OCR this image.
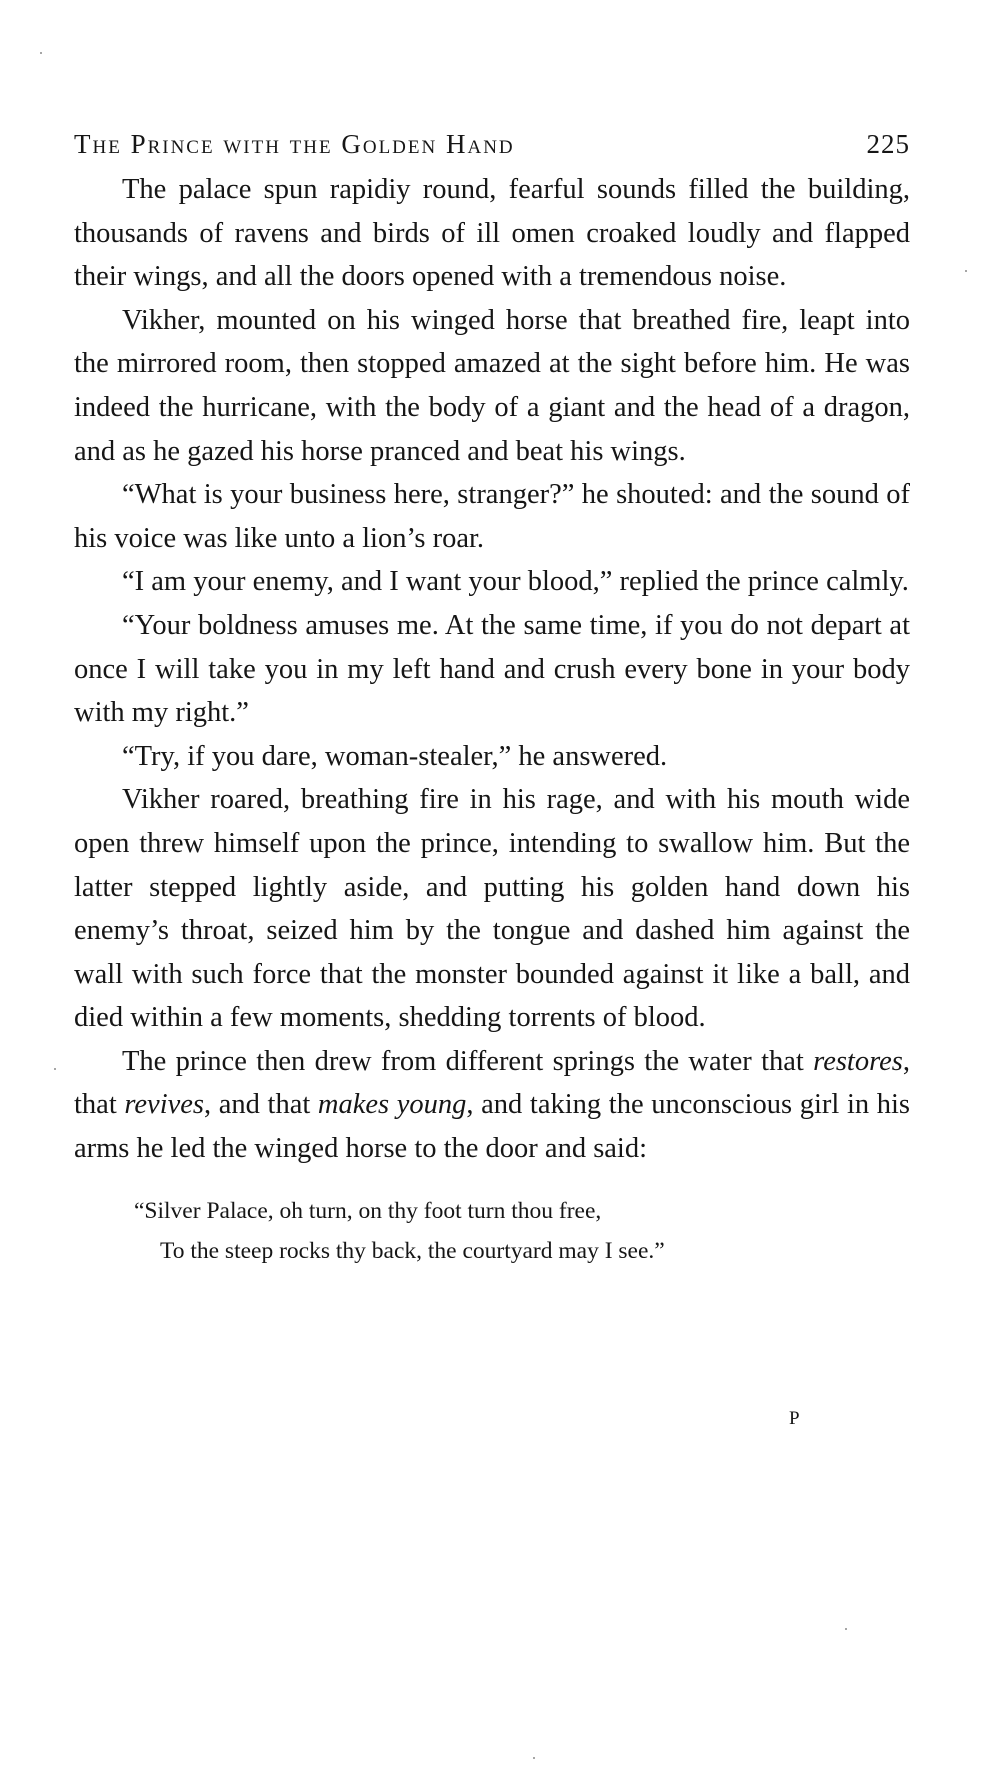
The Prince with the Golden Hand	225

The palace spun rapidiy round, fearful sounds filled the building, thousands of ravens and birds of ill omen croaked loudly and flapped their wings, and all the doors opened with a tremendous noise.

Vikher, mounted on his winged horse that breathed fire, leapt into the mirrored room, then stopped amazed at the sight before him. He was indeed the hurricane, with the body of a giant and the head of a dragon, and as he gazed his horse pranced and beat his wings.

“What is your business here, stranger?” he shouted: and the sound of his voice was like unto a lion’s roar.

“I am your enemy, and I want your blood,” replied the prince calmly.

“Your boldness amuses me. At the same time, if you do not depart at once I will take you in my left hand and crush every bone in your body with my right.”

“Try, if you dare, woman-stealer,” he answered.

Vikher roared, breathing fire in his rage, and with his mouth wide open threw himself upon the prince, intending to swallow him. But the latter stepped lightly aside, and putting his golden hand down his enemy’s throat, seized him by the tongue and dashed him against the wall with such force that the monster bounded against it like a ball, and died within a few moments, shedding torrents of blood.

The prince then drew from different springs the water that restores, that revives, and that makes young, and taking the unconscious girl in his arms he led the winged horse to the door and said:

“Silver Palace, oh turn, on thy foot turn thou free,
To the steep rocks thy back, the courtyard may I see.”
P
